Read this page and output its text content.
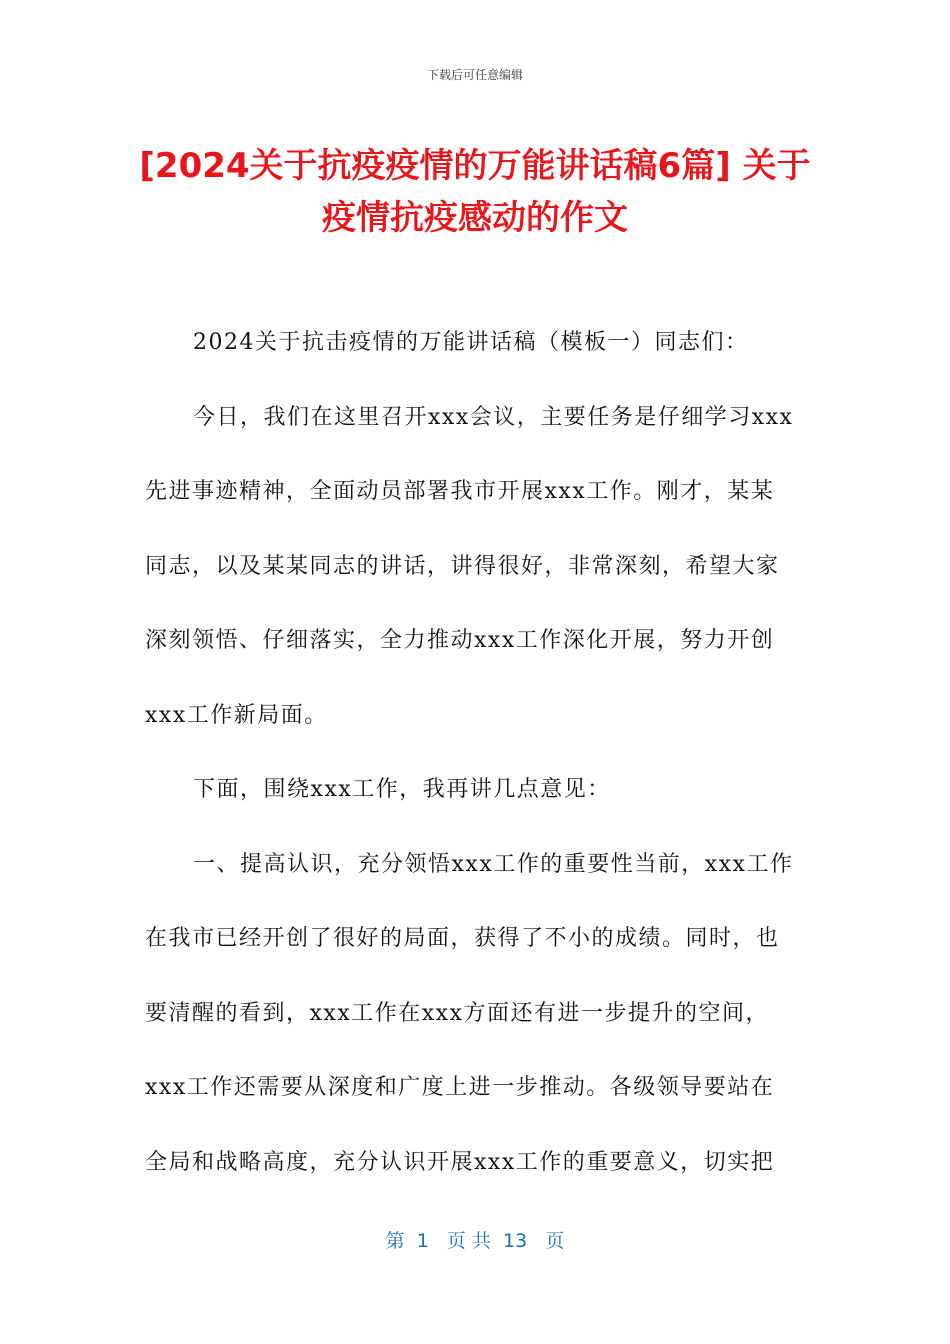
下载后可任意编辑
[2024关于抗疫疫情的万能讲话稿6篇] 关于
疫情抗疫感动的作文
2024关于抗击疫情的万能讲话稿（模板一）同志们：
今日，我们在这里召开xxx会议，主要任务是仔细学习xxx
先进事迹精神，全面动员部署我市开展xxx工作。刚才，某某
同志，以及某某同志的讲话，讲得很好，非常深刻，希望大家
深刻领悟、仔细落实，全力推动xxx工作深化开展，努力开创
xxx工作新局面。
下面，围绕xxx工作，我再讲几点意见：
一、提高认识，充分领悟xxx工作的重要性当前，xxx工作
在我市已经开创了很好的局面，获得了不小的成绩。同时，也
要清醒的看到，xxx工作在xxx方面还有进一步提升的空间，
xxx工作还需要从深度和广度上进一步推动。各级领导要站在
全局和战略高度，充分认识开展xxx工作的重要意义，切实把
第  1   页 共  13   页
